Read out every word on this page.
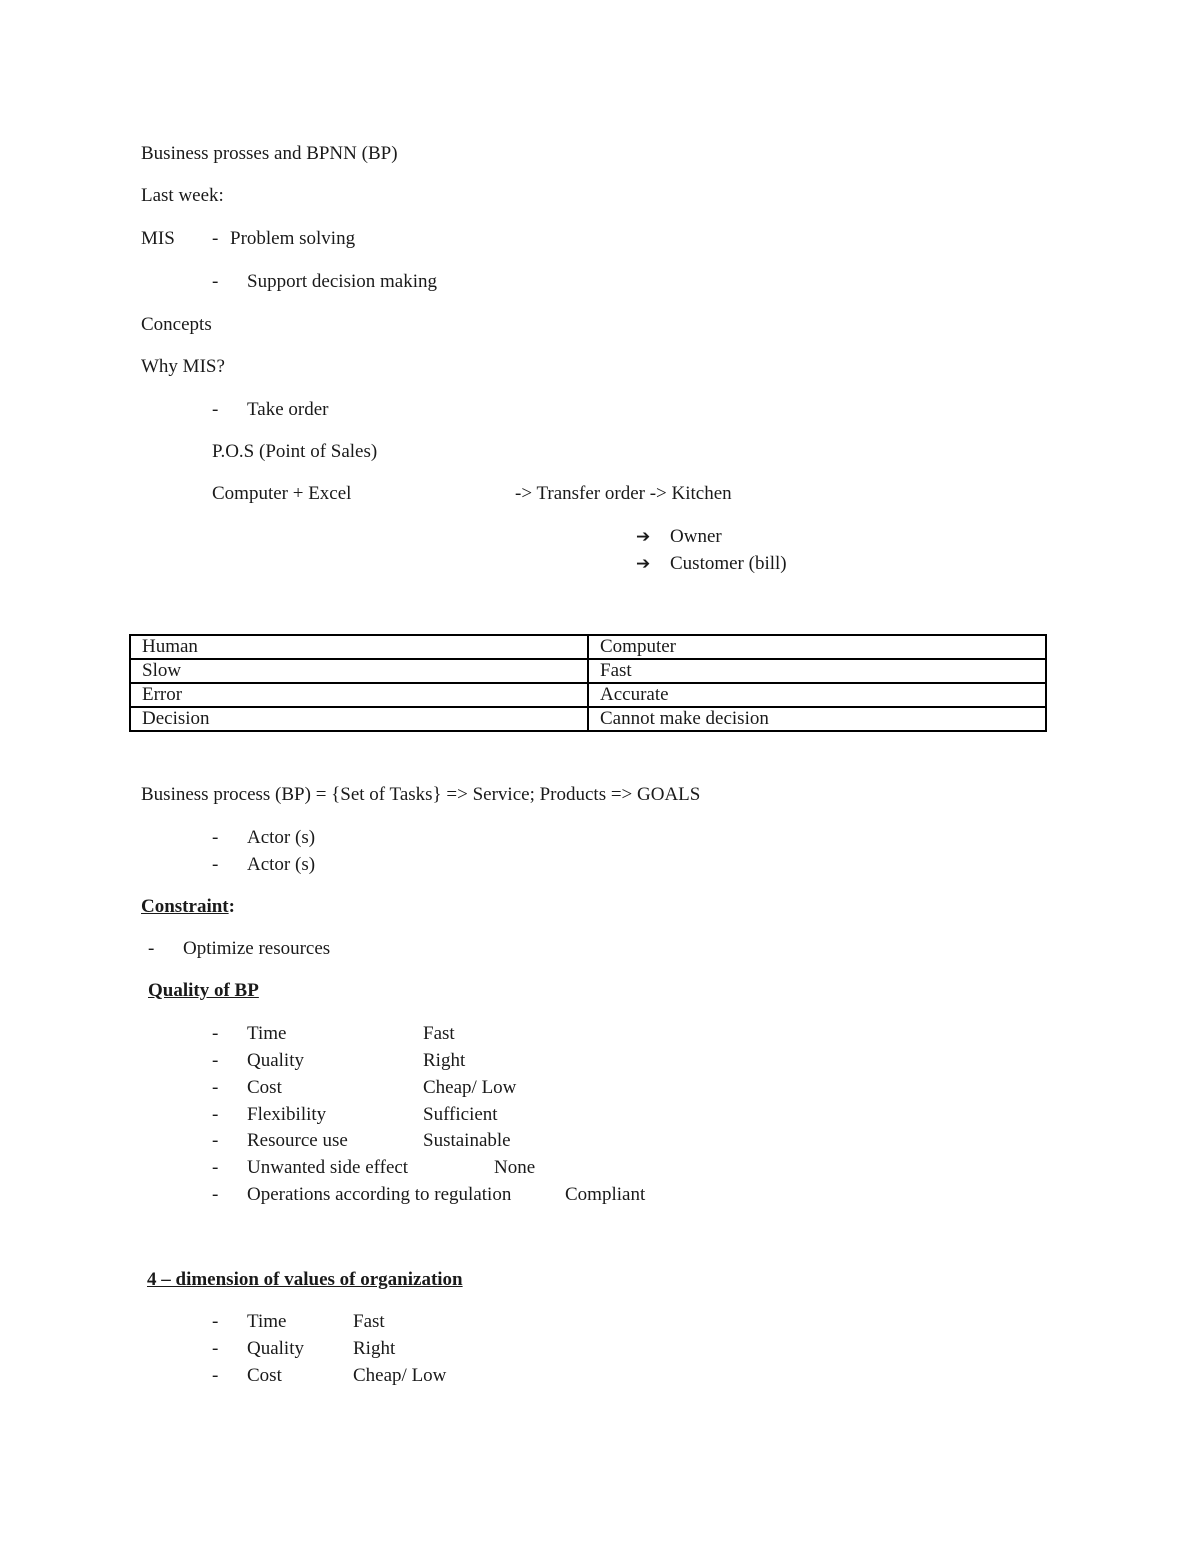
Business prosses and BPNN (BP)
Last week:
MIS - Problem solving
- Support decision making
Concepts
Why MIS?
- Take order
P.O.S (Point of Sales)
Computer + Excel	-> Transfer order -> Kitchen
➔ Owner
➔ Customer (bill)
Human	Computer
Slow	Fast
Error	Accurate
Decision	Cannot make decision
Business process (BP) = {Set of Tasks} => Service; Products => GOALS
- Actor (s)
- Actor (s)
Constraint:
- Optimize resources
Quality of BP
- Time	Fast
- Quality	Right
- Cost	Cheap/ Low
- Flexibility	Sufficient
- Resource use	Sustainable
- Unwanted side effect	None
- Operations according to regulation	Compliant
4 – dimension of values of organization
- Time	Fast
- Quality	Right
- Cost	Cheap/ Low
